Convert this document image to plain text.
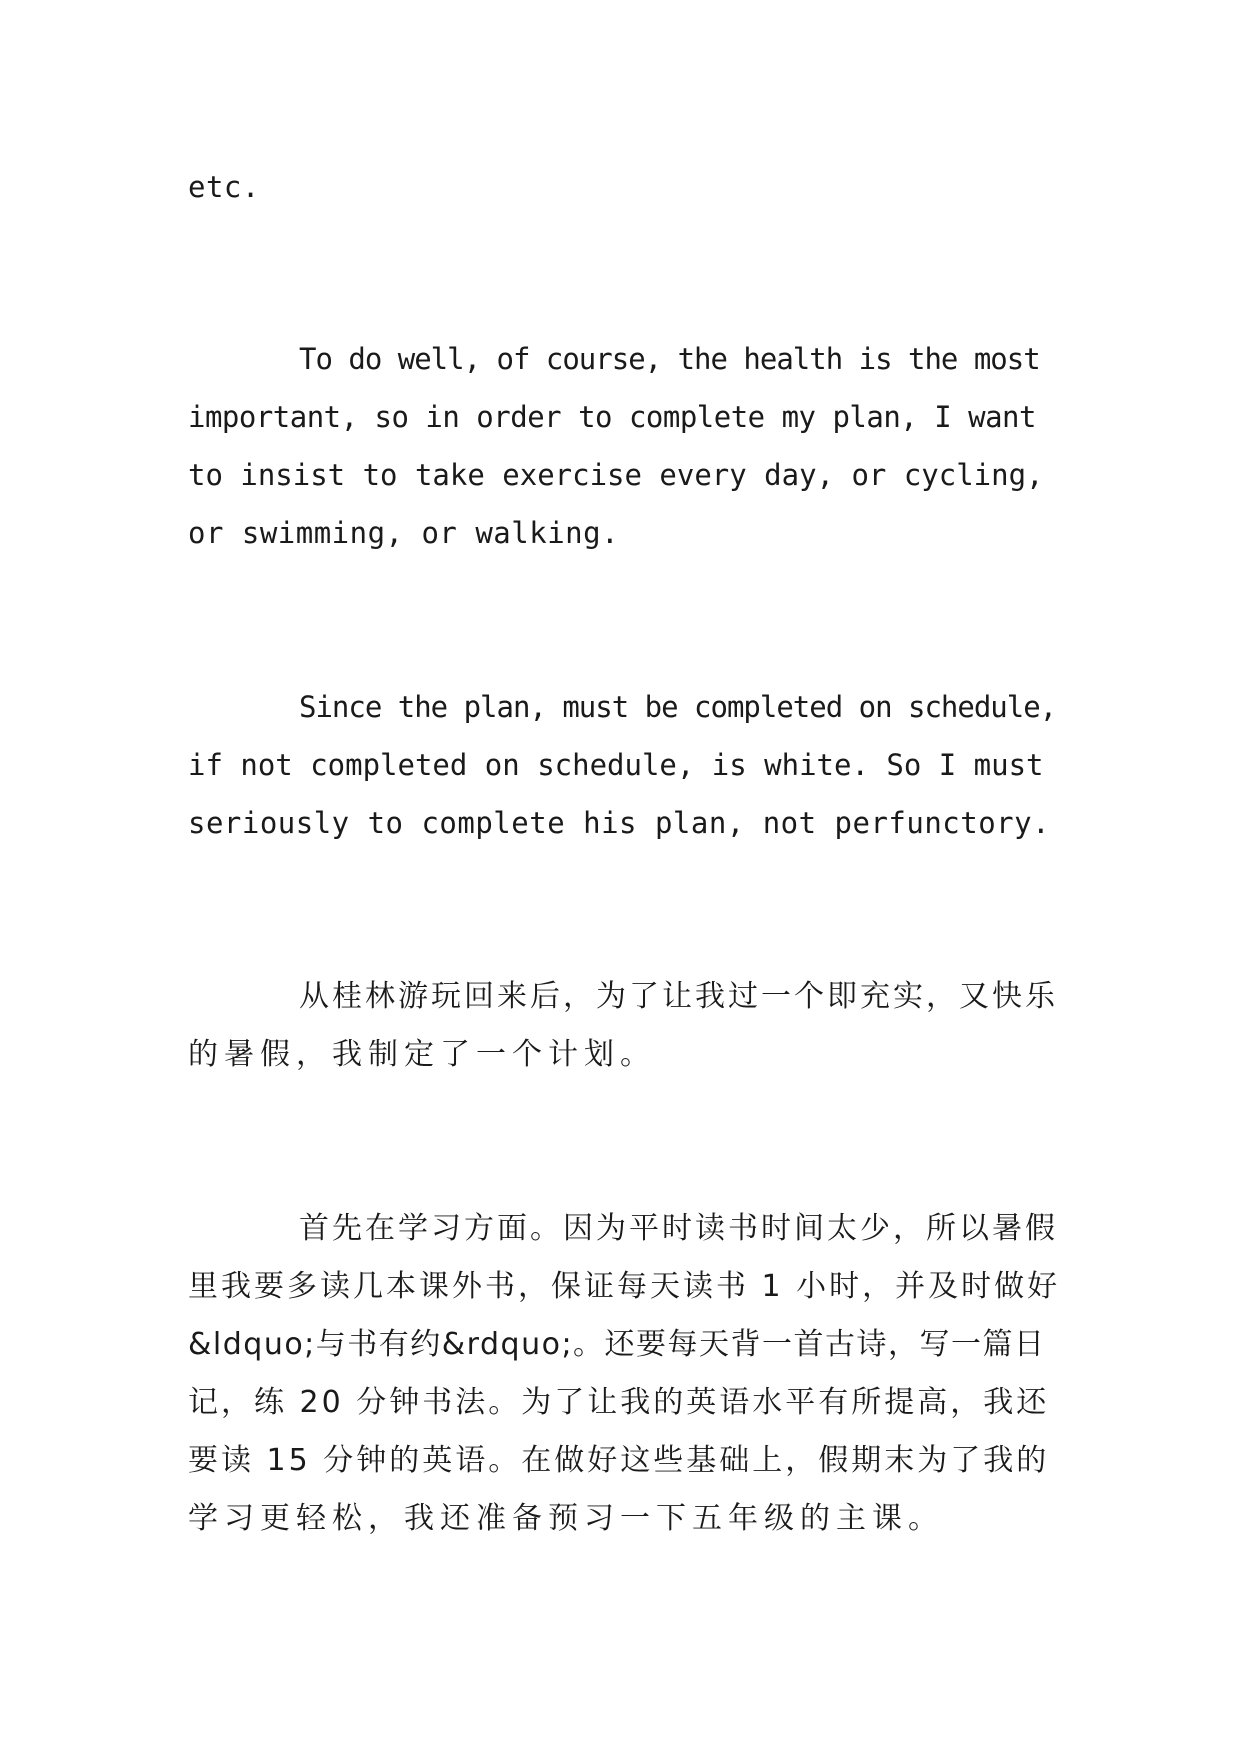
etc.
To do well, of course, the health is the most
important, so in order to complete my plan, I want
to insist to take exercise every day, or cycling,
or swimming, or walking.
Since the plan, must be completed on schedule,
if not completed on schedule, is white. So I must
seriously to complete his plan, not perfunctory.
从桂林游玩回来后，为了让我过一个即充实，又快乐
的暑假，我制定了一个计划。
首先在学习方面。因为平时读书时间太少，所以暑假
里我要多读几本课外书，保证每天读书 1 小时，并及时做好
&ldquo;与书有约&rdquo;。还要每天背一首古诗，写一篇日
记，练 20 分钟书法。为了让我的英语水平有所提高，我还
要读 15 分钟的英语。在做好这些基础上，假期末为了我的
学习更轻松，我还准备预习一下五年级的主课。
